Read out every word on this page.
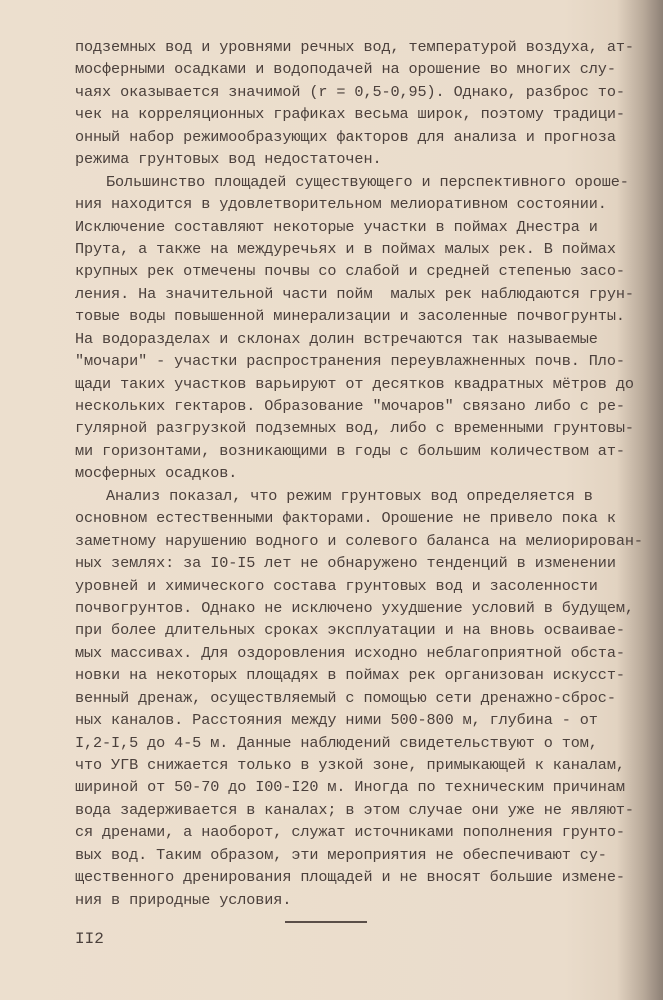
подземных вод и уровнями речных вод, температурой воздуха, ат-
мосферными осадками и водоподачей на орошение во многих слу-
чаях оказывается значимой (r = 0,5-0,95). Однако, разброс то-
чек на корреляционных графиках весьма широк, поэтому традици-
онный набор режимообразующих факторов для анализа и прогноза
режима грунтовых вод недостаточен.
Большинство площадей существующего и перспективного ороше-
ния находится в удовлетворительном мелиоративном состоянии.
Исключение составляют некоторые участки в поймах Днестра и
Прута, а также на междуречьях и в поймах малых рек. В поймах
крупных рек отмечены почвы со слабой и средней степенью засо-
ления. На значительной части пойм  малых рек наблюдаются грун-
товые воды повышенной минерализации и засоленные почвогрунты.
На водоразделах и склонах долин встречаются так называемые
"мочари" - участки распространения переувлажненных почв. Пло-
щади таких участков варьируют от десятков квадратных мётров до
нескольких гектаров. Образование "мочаров" связано либо с ре-
гулярной разгрузкой подземных вод, либо с временными грунтовы-
ми горизонтами, возникающими в годы с большим количеством ат-
мосферных осадков.
Анализ показал, что режим грунтовых вод определяется в
основном естественными факторами. Орошение не привело пока к
заметному нарушению водного и солевого баланса на мелиорирован-
ных землях: за I0-I5 лет не обнаружено тенденций в изменении
уровней и химического состава грунтовых вод и засоленности
почвогрунтов. Однако не исключено ухудшение условий в будущем,
при более длительных сроках эксплуатации и на вновь осваивае-
мых массивах. Для оздоровления исходно неблагоприятной обста-
новки на некоторых площадях в поймах рек организован искусст-
венный дренаж, осуществляемый с помощью сети дренажно-сброс-
ных каналов. Расстояния между ними 500-800 м, глубина - от
I,2-I,5 до 4-5 м. Данные наблюдений свидетельствуют о том,
что УГВ снижается только в узкой зоне, примыкающей к каналам,
шириной от 50-70 до I00-I20 м. Иногда по техническим причинам
вода задерживается в каналах; в этом случае они уже не являют-
ся дренами, а наоборот, служат источниками пополнения грунто-
вых вод. Таким образом, эти мероприятия не обеспечивают су-
щественного дренирования площадей и не вносят большие измене-
ния в природные условия.
II2
